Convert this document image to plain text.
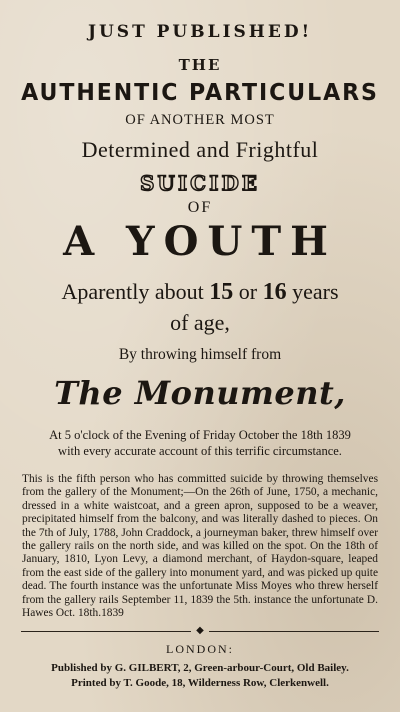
JUST PUBLISHED!

THE

AUTHENTIC PARTICULARS

OF ANOTHER MOST

Determined and Frightful

SUICIDE

OF

A YOUTH

Aparently about 15 or 16 years

of age,

By throwing himself from

The Monument,

At 5 o'clock of the Evening of Friday October the 18th 1839

with every accurate account of this terrific circumstance.

This is the fifth person who has committed suicide by throwing themselves from the gallery of the Monument;—On the 26th of June, 1750, a mechanic, dressed in a white waistcoat, and a green apron, supposed to be a weaver, precipitated himself from the balcony, and was literally dashed to pieces. On the 7th of July, 1788, John Craddock, a journeyman baker, threw himself over the gallery rails on the north side, and was killed on the spot. On the 18th of January, 1810, Lyon Levy, a diamond merchant, of Haydon-square, leaped from the east side of the gallery into monument yard, and was picked up quite dead. The fourth instance was the unfortunate Miss Moyes who threw herself from the gallery rails September 11, 1839 the 5th. instance the unfortunate D. Hawes Oct. 18th.1839

◆

LONDON:

Published by G. GILBERT, 2, Green-arbour-Court, Old Bailey.

Printed by T. Goode, 18, Wilderness Row, Clerkenwell.
